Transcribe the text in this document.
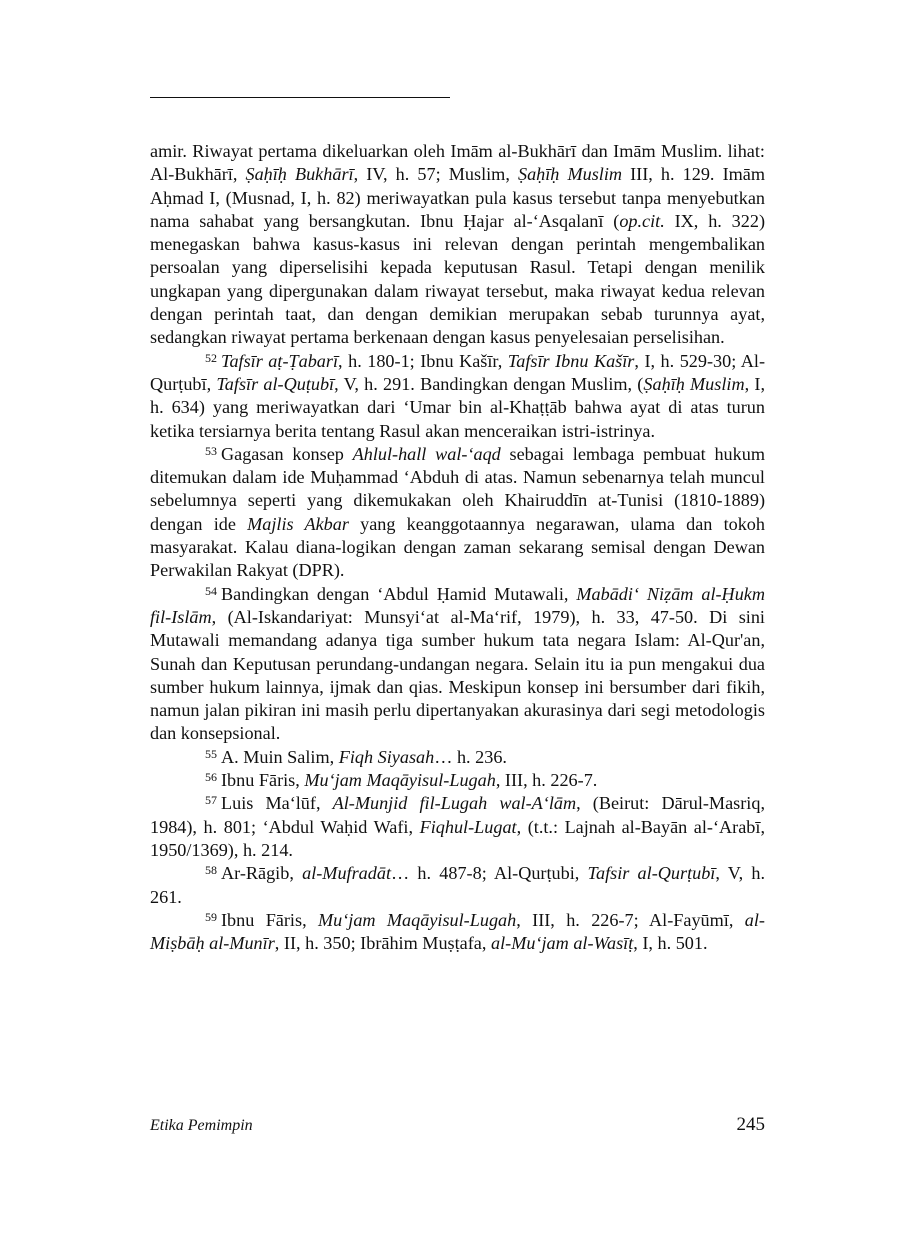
amir. Riwayat pertama dikeluarkan oleh Imām al-Bukhārī dan Imām Muslim. lihat: Al-Bukhārī, Ṣaḥīḥ Bukhārī, IV, h. 57; Muslim, Ṣaḥīḥ Muslim III, h. 129. Imām Aḥmad I, (Musnad, I, h. 82) meriwayatkan pula kasus tersebut tanpa menyebutkan nama sahabat yang bersangkutan. Ibnu Ḥajar al-‘Asqalanī (op.cit. IX, h. 322) menegaskan bahwa kasus-kasus ini relevan dengan perintah mengembalikan persoalan yang diperselisihi kepada keputusan Rasul. Tetapi dengan menilik ungkapan yang dipergunakan dalam riwayat tersebut, maka riwayat kedua relevan dengan perintah taat, dan dengan demikian merupakan sebab turunnya ayat, sedangkan riwayat pertama berkenaan dengan kasus penyelesaian perselisihan.

$^{52}$ Tafsīr aṭ-Ṭabarī, h. 180-1; Ibnu Kašīr, Tafsīr Ibnu Kašīr, I, h. 529-30; Al-Qurṭubī, Tafsīr al-Quṭubī, V, h. 291. Bandingkan dengan Muslim, (Ṣaḥīḥ Muslim, I, h. 634) yang meriwayatkan dari ‘Umar bin al-Khaṭṭāb bahwa ayat di atas turun ketika tersiarnya berita tentang Rasul akan menceraikan istri-istrinya.

$^{53}$ Gagasan konsep Ahlul-hall wal-‘aqd sebagai lembaga pembuat hukum ditemukan dalam ide Muḥammad ‘Abduh di atas. Namun sebenarnya telah muncul sebelumnya seperti yang dikemukakan oleh Khairuddīn at-Tunisi (1810-1889) dengan ide Majlis Akbar yang keanggotaannya negarawan, ulama dan tokoh masyarakat. Kalau diana-logikan dengan zaman sekarang semisal dengan Dewan Perwakilan Rakyat (DPR).

$^{54}$ Bandingkan dengan ‘Abdul Ḥamid Mutawali, Mabādi‘ Niẓām al-Ḥukm fil-Islām, (Al-Iskandariyat: Munsyi‘at al-Ma‘rif, 1979), h. 33, 47-50. Di sini Mutawali memandang adanya tiga sumber hukum tata negara Islam: Al-Qur'an, Sunah dan Keputusan perundang-undangan negara. Selain itu ia pun mengakui dua sumber hukum lainnya, ijmak dan qias. Meskipun konsep ini bersumber dari fikih, namun jalan pikiran ini masih perlu dipertanyakan akurasinya dari segi metodologis dan konsepsional.

$^{55}$ A. Muin Salim, Fiqh Siyasah… h. 236.

$^{56}$ Ibnu Fāris, Mu‘jam Maqāyisul-Lugah, III, h. 226-7.

$^{57}$ Luis Ma‘lūf, Al-Munjid fil-Lugah wal-A‘lām, (Beirut: Dārul-Masriq, 1984), h. 801; ‘Abdul Waḥid Wafi, Fiqhul-Lugat, (t.t.: Lajnah al-Bayān al-‘Arabī, 1950/1369), h. 214.

$^{58}$ Ar-Rāgib, al-Mufradāt… h. 487-8; Al-Qurṭubi, Tafsir al-Qurṭubī, V, h. 261.

$^{59}$ Ibnu Fāris, Mu‘jam Maqāyisul-Lugah, III, h. 226-7; Al-Fayūmī, al-Miṣbāḥ al-Munīr, II, h. 350; Ibrāhim Muṣṭafa, al-Mu‘jam al-Wasīṭ, I, h. 501.

Etika Pemimpin	245
